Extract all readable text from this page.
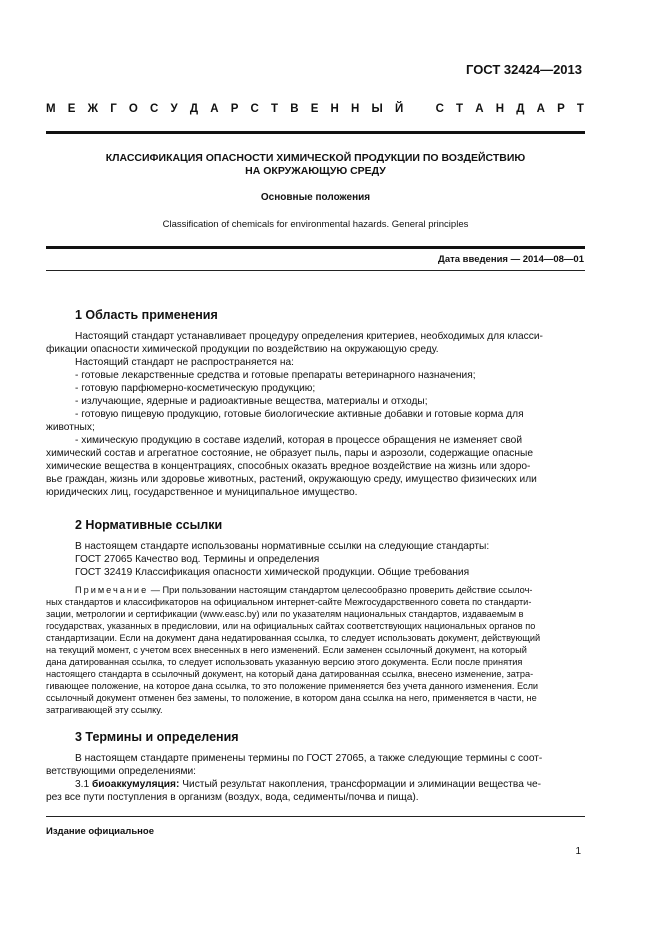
ГОСТ 32424—2013
М Е Ж Г О С У Д А Р С Т В Е Н Н Ы Й	С Т А Н Д А Р Т
КЛАССИФИКАЦИЯ ОПАСНОСТИ ХИМИЧЕСКОЙ ПРОДУКЦИИ ПО ВОЗДЕЙСТВИЮ
НА ОКРУЖАЮЩУЮ СРЕДУ
Основные положения
Classification of chemicals for environmental hazards. General principles
Дата введения — 2014—08—01
1 Область применения
Настоящий стандарт устанавливает процедуру определения критериев, необходимых для класси-
фикации опасности химической продукции по воздействию на окружающую среду.
Настоящий стандарт не распространяется на:
- готовые лекарственные средства и готовые препараты ветеринарного назначения;
- готовую парфюмерно-косметическую продукцию;
- излучающие, ядерные и радиоактивные вещества, материалы и отходы;
- готовую пищевую продукцию, готовые биологические активные добавки и готовые корма для
животных;
- химическую продукцию в составе изделий, которая в процессе обращения не изменяет свой
химический состав и агрегатное состояние, не образует пыль, пары и аэрозоли, содержащие опасные
химические вещества в концентрациях, способных оказать вредное воздействие на жизнь или здоро-
вье граждан, жизнь или здоровье животных, растений, окружающую среду, имущество физических или
юридических лиц, государственное и муниципальное имущество.
2 Нормативные ссылки
В настоящем стандарте использованы нормативные ссылки на следующие стандарты:
ГОСТ 27065 Качество вод. Термины и определения
ГОСТ 32419 Классификация опасности химической продукции. Общие требования
Примечание — При пользовании настоящим стандартом целесообразно проверить действие ссылоч-
ных стандартов и классификаторов на официальном интернет-сайте Межгосударственного совета по стандарти-
зации, метрологии и сертификации (www.easc.by) или по указателям национальных стандартов, издаваемым в
государствах, указанных в предисловии, или на официальных сайтах соответствующих национальных органов по
стандартизации. Если на документ дана недатированная ссылка, то следует использовать документ, действующий
на текущий момент, с учетом всех внесенных в него изменений. Если заменен ссылочный документ, на который
дана датированная ссылка, то следует использовать указанную версию этого документа. Если после принятия
настоящего стандарта в ссылочный документ, на который дана датированная ссылка, внесено изменение, затра-
гивающее положение, на которое дана ссылка, то это положение применяется без учета данного изменения. Если
ссылочный документ отменен без замены, то положение, в котором дана ссылка на него, применяется в части, не
затрагивающей эту ссылку.
3 Термины и определения
В настоящем стандарте применены термины по ГОСТ 27065, а также следующие термины с соот-
ветствующими определениями:
3.1 биоаккумуляция: Чистый результат накопления, трансформации и элиминации вещества че-
рез все пути поступления в организм (воздух, вода, седименты/почва и пища).
Издание официальное
1
